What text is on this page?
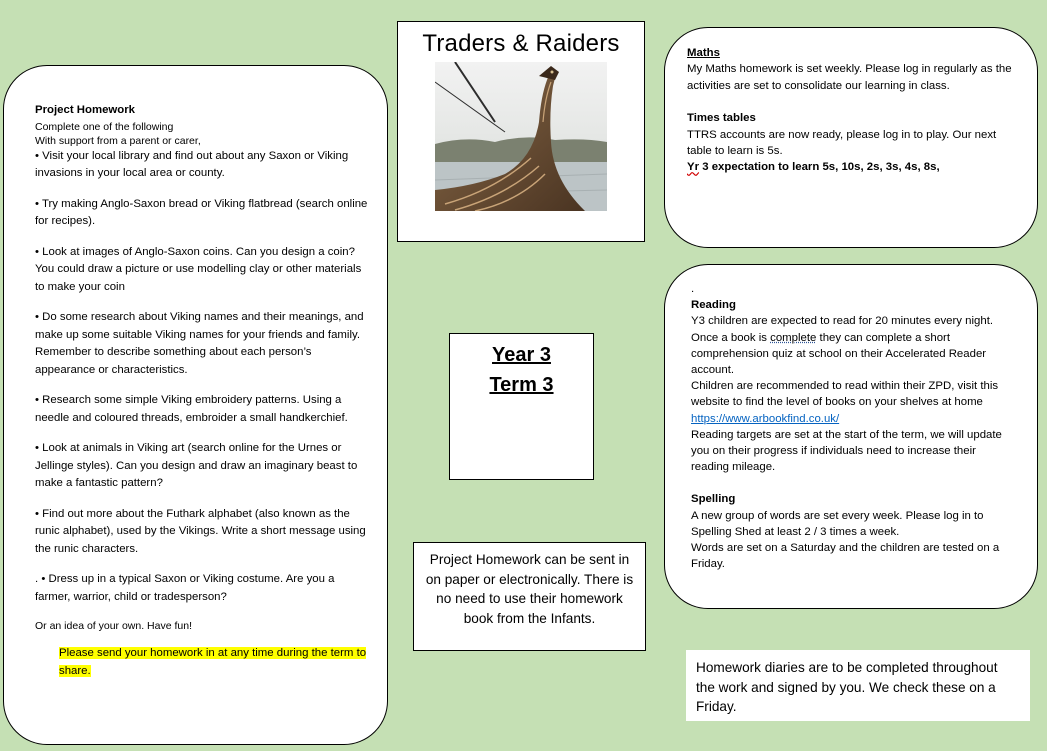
Project Homework
Complete one of the following
With support from a parent or carer,
• Visit your local library and find out about any Saxon or Viking invasions in your local area or county.
• Try making Anglo-Saxon bread or Viking flatbread (search online for recipes).
• Look at images of Anglo-Saxon coins. Can you design a coin? You could draw a picture or use modelling clay or other materials to make your coin
• Do some research about Viking names and their meanings, and make up some suitable Viking names for your friends and family. Remember to describe something about each person’s appearance or characteristics.
• Research some simple Viking embroidery patterns. Using a needle and coloured threads, embroider a small handkerchief.
• Look at animals in Viking art (search online for the Urnes or Jellinge styles). Can you design and draw an imaginary beast to make a fantastic pattern?
• Find out more about the Futhark alphabet (also known as the runic alphabet), used by the Vikings. Write a short message using the runic characters.
. • Dress up in a typical Saxon or Viking costume. Are you a farmer, warrior, child or tradesperson?
Or an idea of your own. Have fun!
Please send your homework in at any time during the term to share.
Traders & Raiders
Year 3
Term 3
Project Homework can be sent in on paper or electronically. There is no need to use their homework book from the Infants.
Maths
My Maths homework is set weekly. Please log in regularly as the activities are set to consolidate our learning in class.
Times tables
TTRS accounts are now ready, please log in to play. Our next table to learn is 5s.
Yr 3 expectation to learn 5s, 10s, 2s, 3s, 4s, 8s,
.
Reading
Y3 children are expected to read for 20 minutes every night. Once a book is complete they can complete a short comprehension quiz at school on their Accelerated Reader account.
Children are recommended to read within their ZPD, visit this website to find the level of books on your shelves at home https://www.arbookfind.co.uk/
Reading targets are set at the start of the term, we will update you on their progress if individuals need to increase their reading mileage.
Spelling
A new group of words are set every week. Please log in to Spelling Shed at least 2 / 3 times a week.
Words are set on a Saturday and the children are tested on a Friday.
Homework diaries are to be completed throughout the work and signed by you. We check these on a Friday.
